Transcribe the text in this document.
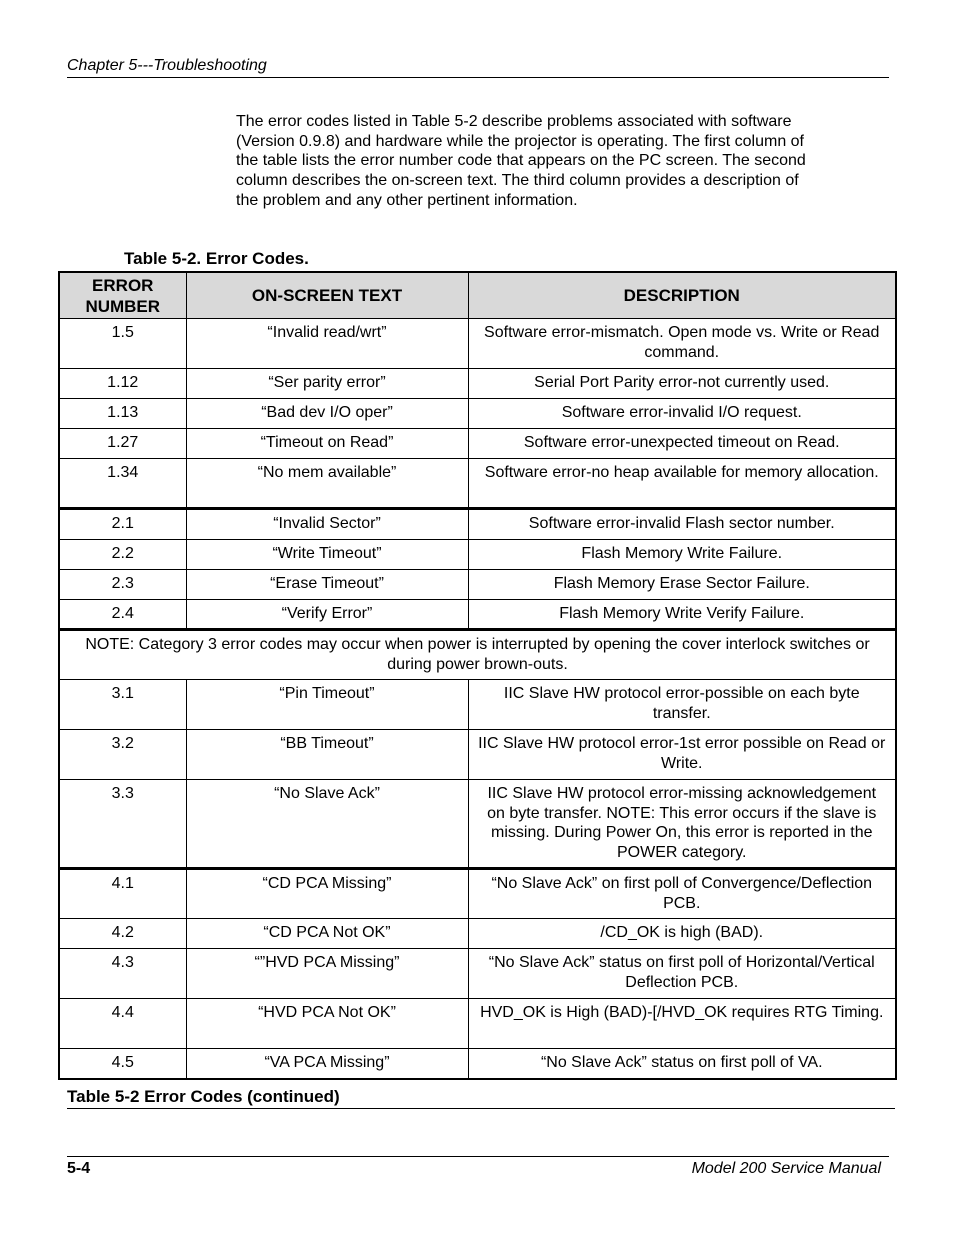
Chapter 5---Troubleshooting

The error codes listed in Table 5-2 describe problems associated with software (Version 0.9.8) and hardware while the projector is operating. The first column of the table lists the error number code that appears on the PC screen. The second column describes the on-screen text. The third column provides a description of the problem and any other pertinent information.

Table 5-2. Error Codes.
ERROR NUMBER	ON-SCREEN TEXT	DESCRIPTION
1.5	“Invalid read/wrt”	Software error-mismatch. Open mode vs. Write or Read command.
1.12	“Ser parity error”	Serial Port Parity error-not currently used.
1.13	“Bad dev I/O oper”	Software error-invalid I/O request.
1.27	“Timeout on Read”	Software error-unexpected timeout on Read.
1.34	“No mem available”	Software error-no heap available for memory allocation.
2.1	“Invalid Sector”	Software error-invalid Flash sector number.
2.2	“Write Timeout”	Flash Memory Write Failure.
2.3	“Erase Timeout”	Flash Memory Erase Sector Failure.
2.4	“Verify Error”	Flash Memory Write Verify Failure.
NOTE: Category 3 error codes may occur when power is interrupted by opening the cover interlock switches or during power brown-outs.		
3.1	“Pin Timeout”	IIC Slave HW protocol error-possible on each byte transfer.
3.2	“BB Timeout”	IIC Slave HW protocol error-1st error possible on Read or Write.
3.3	“No Slave Ack”	IIC Slave HW protocol error-missing acknowledgement on byte transfer. NOTE: This error occurs if the slave is missing. During Power On, this error is reported in the POWER category.
4.1	“CD PCA Missing”	“No Slave Ack” on first poll of Convergence/Deflection PCB.
4.2	“CD PCA Not OK”	/CD_OK is high (BAD).
4.3	“”HVD PCA Missing”	“No Slave Ack” status on first poll of Horizontal/Vertical Deflection PCB.
4.4	“HVD PCA Not OK”	HVD_OK is High (BAD)-[/HVD_OK requires RTG Timing.
4.5	“VA PCA Missing”	“No Slave Ack” status on first poll of VA.
Table 5-2 Error Codes (continued)
5-4	Model 200 Service Manual
